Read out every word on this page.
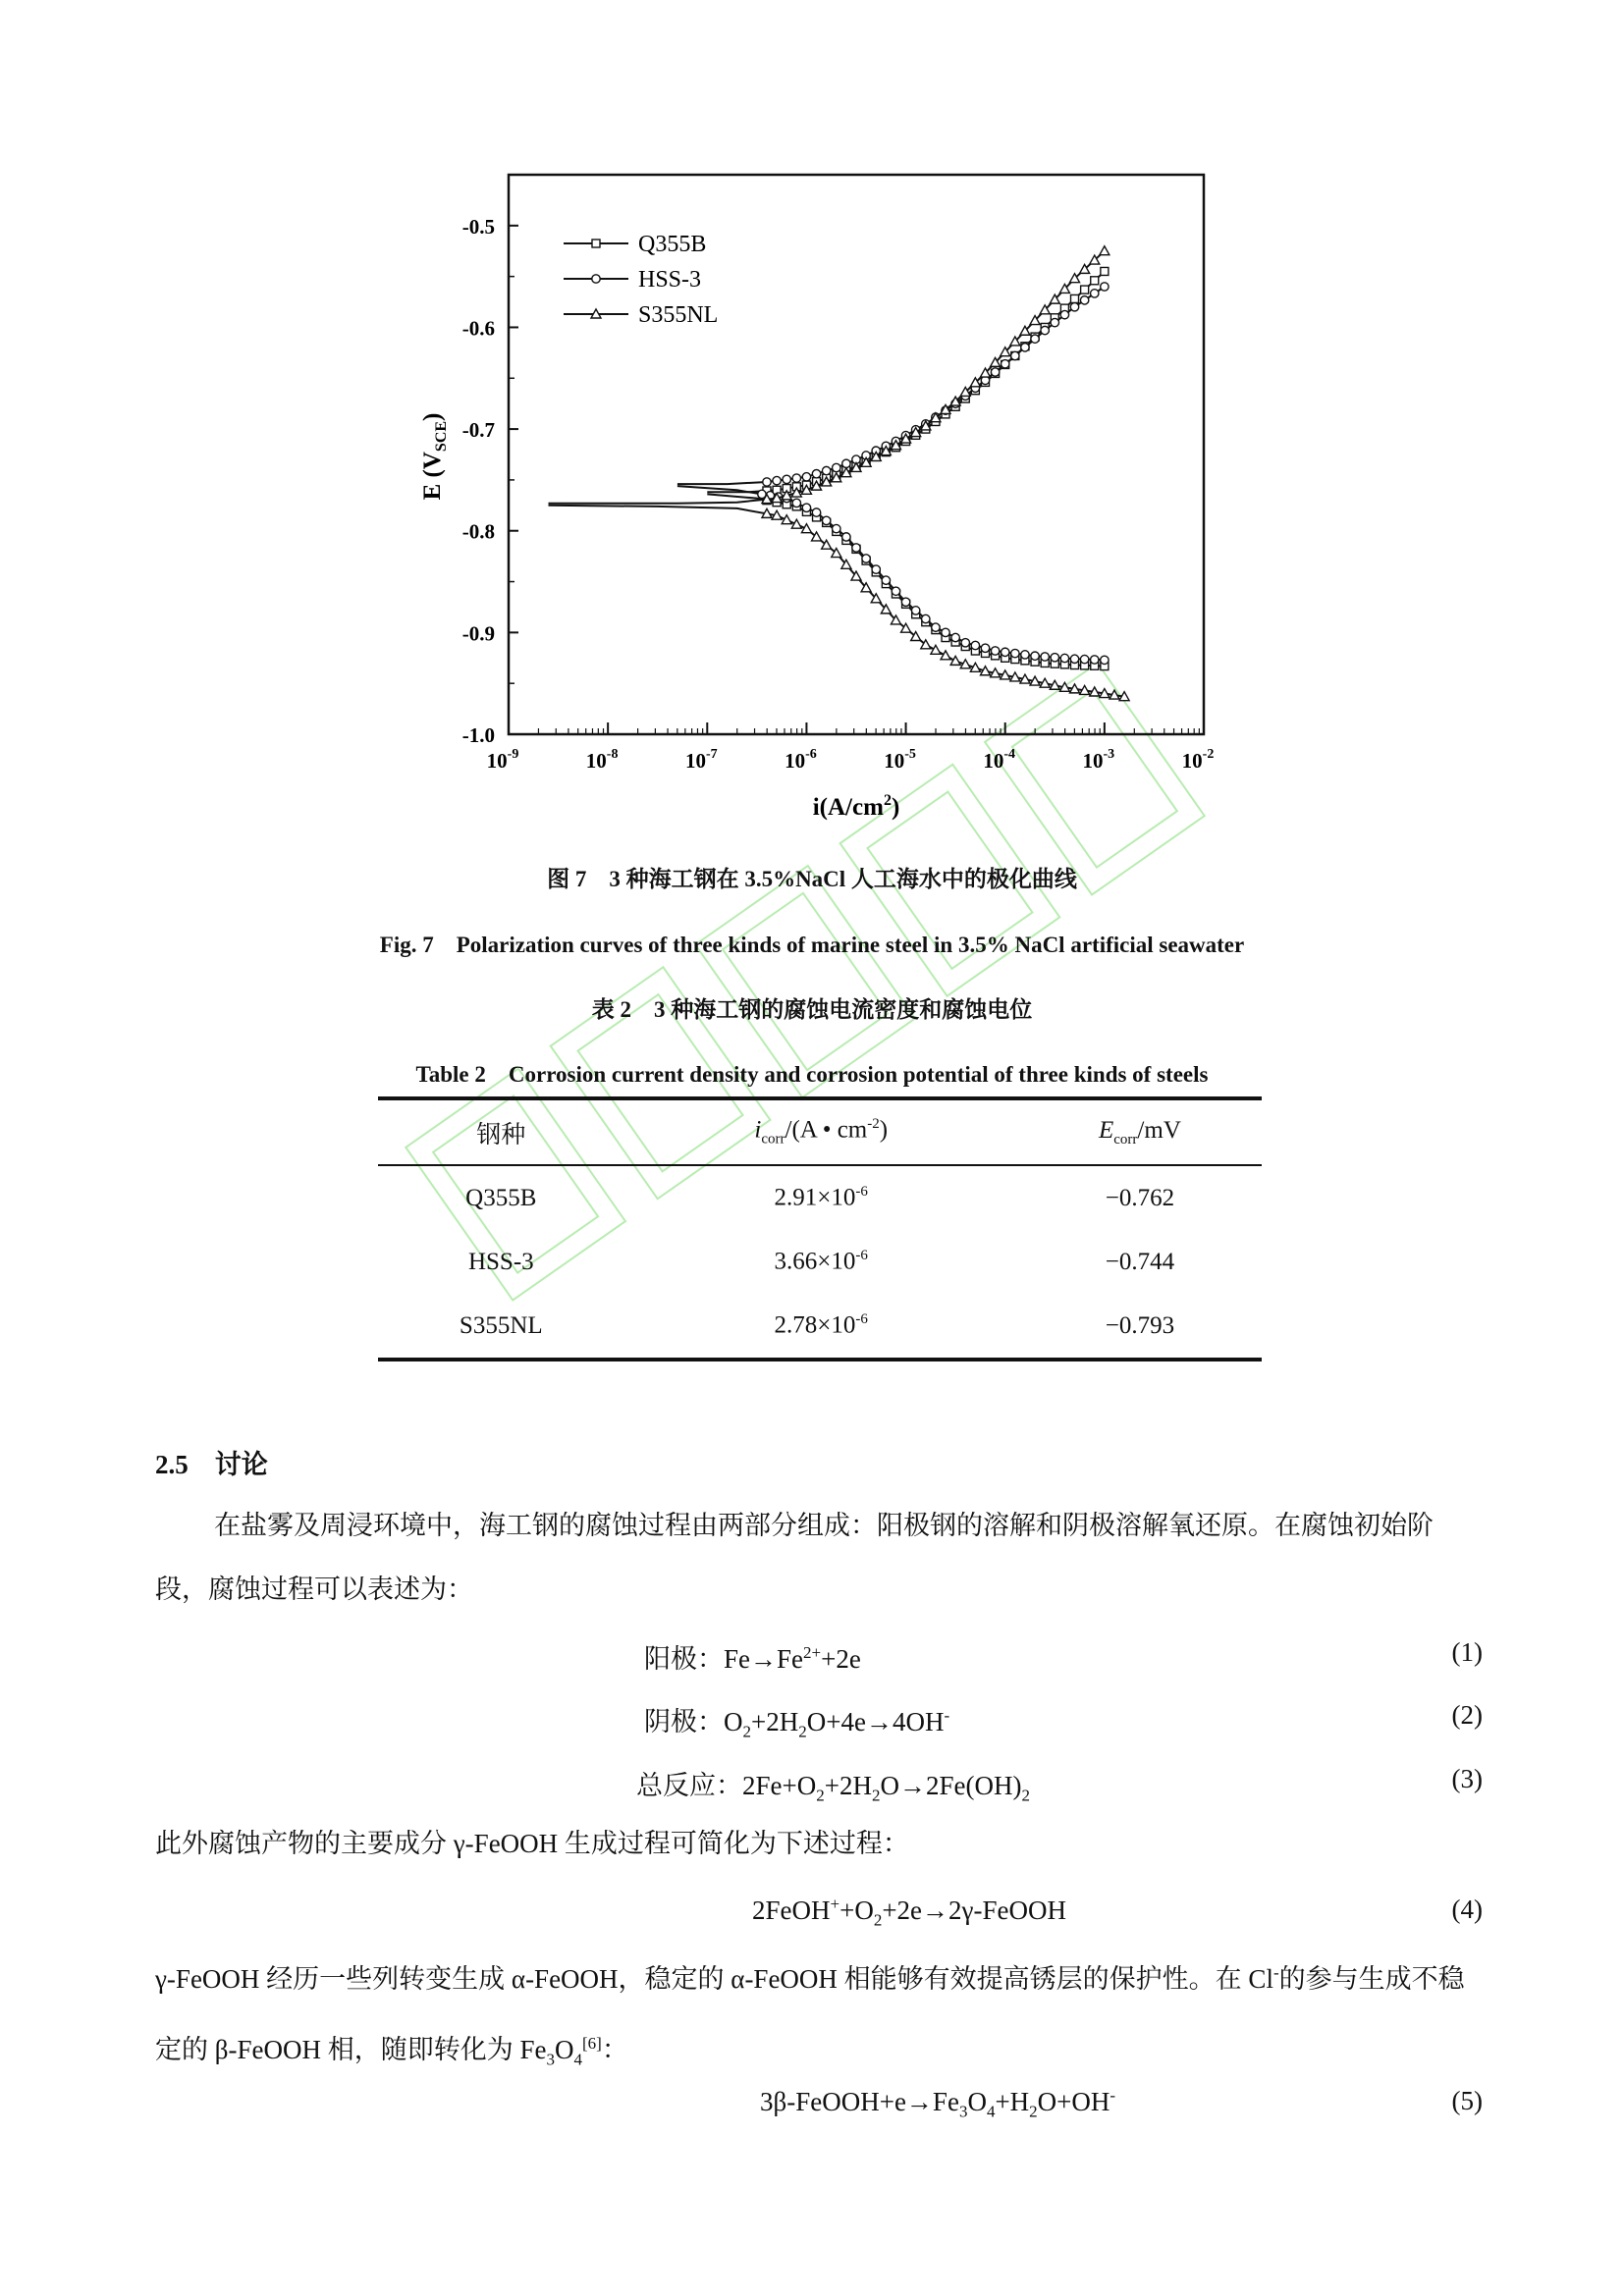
-0.5
-0.6
-0.7
-0.8
-0.9
-1.0
$10^{-9}$	$10^{-8}$	$10^{-7}$	$10^{-6}$	$10^{-5}$	$10^{-4}$	$10^{-3}$	$10^{-2}$
Q355B
HSS-3
S355NL
E $(V_{SCE})$
$i(A/cm^2)$
图 7　3 种海工钢在 3.5%NaCl 人工海水中的极化曲线
Fig. 7　Polarization curves of three kinds of marine steel in 3.5% NaCl artificial seawater
表 2　3 种海工钢的腐蚀电流密度和腐蚀电位
Table 2　Corrosion current density and corrosion potential of three kinds of steels
钢种	$i_{corr}/(A$ • $cm^{-2}$)	$E_{corr}/mV$
Q355B	$2.91\times 10^{-6}$	−0.762
HSS-3	$3.66\times 10^{-6}$	−0.744
S355NL	$2.78\times 10^{-6}$	−0.793
2.5　讨论
在盐雾及周浸环境中，海工钢的腐蚀过程由两部分组成：阳极钢的溶解和阴极溶解氧还原。在腐蚀初始阶段，腐蚀过程可以表述为：
阳极：$Fe\to Fe^{2+}+2e$	(1)
阴极：$O_2+2H_2O+4e\to 4OH^-$	(2)
总反应：$2Fe+O_2+2H_2O\to 2Fe(OH)_2$
(3)
此外腐蚀产物的主要成分 γ-FeOOH 生成过程可简化为下述过程：
$2FeOH^++O_2+2e\to 2\gamma$-FeOOH	(4)
γ-FeOOH 经历一些列转变生成 α-FeOOH，稳定的 α-FeOOH 相能够有效提高锈层的保护性。在 Cl-的参与生成不稳定的 β-FeOOH 相，随即转化为 $Fe_3O_4[6]$：
$3\beta-FeOOH+e\to Fe_3O_4+H_2O+OH^-$	(5)
